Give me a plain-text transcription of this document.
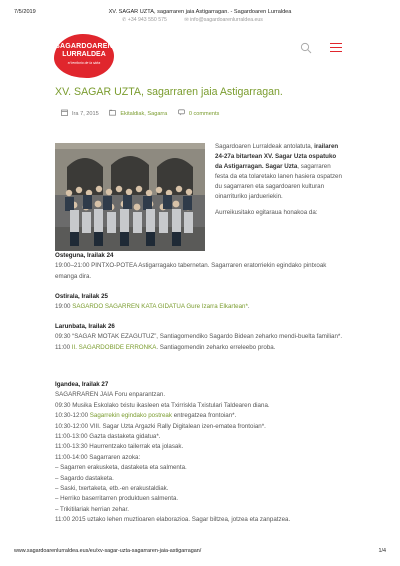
7/5/2019	XV. SAGAR UZTA, sagarraren jaia Astigarragan. - Sagardoaren Lurraldea
✆ +34 943 550 575	✉ info@sagardoarenlurraldea.eus
SAGARDOAREN
LURRALDEA
el territorio de la sidra
XV. SAGAR UZTA, sagarraren jaia Astigarragan.
Ira 7, 2015	Ekitaldiak, Sagarra	0 comments

Sagardoaren Lurraldeak antolatuta, irailaren 24-27a bitartean XV. Sagar Uzta ospatuko da Astigarragan. Sagar Uzta, sagarraren festa da eta tolaretako lanen hasiera ospatzen du sagarraren eta sagardoaren kulturan oinarrituriko jardueriekin.

Aurreikusitako egitaraua honakoa da:

Osteguna, Irailak 24

19:00–21:00 PINTXO-POTEA Astigarragako tabernetan. Sagarraren eratorriekin egindako pintxoak emanga dira.

Ostirala, Irailak 25

19:00 SAGARDO SAGARREN KATA GIDATUA Gure Izarra Elkartean*.

Larunbata, Irailak 26

09:30 “SAGAR MOTAK EZAGUTUZ”, Santiagomendiko Sagardo Bidean zeharko mendi-bueltа familian*.

11:00 II. SAGARDOBIDE ERRONKA. Santiagomendin zeharko erreleebo proba.

Igandea, Irailak 27

SAGARRAREN JAIA Foru enparantzan.

09:30 Musika Eskolako txistu ikasleen eta Txirriskla Txistulari Taldearen diana.

10:30-12:00 Sagarrekin egindako postreak entregatzea frontoian*.

10:30-12:00 VIII. Sagar Uzta Argazki Rally Digitalean izen-ematea frontoian*.

11:00-13:00 Gazta dastaketa gidatua*.

11:00-13:30 Haurrentzako tailerrak eta jolasak.

11:00-14:00 Sagarraren azoka:

– Sagarren erakusketa, dastaketa eta salmenta.

– Sagardo dastaketa.

– Saski, txertaketa, etb.-en erakustaldiak.

– Herriko baserritarren produktuen salmenta.

– Trikitilariak herrian zehar.

11:00 2015 uztako lehen muztioaren elaborazioa. Sagar biltzea, jotzea eta zanpatzea.

www.sagardoarenlurraldea.eus/eu/xv-sagar-uzta-sagarraren-jaia-astigarragan/	1/4
